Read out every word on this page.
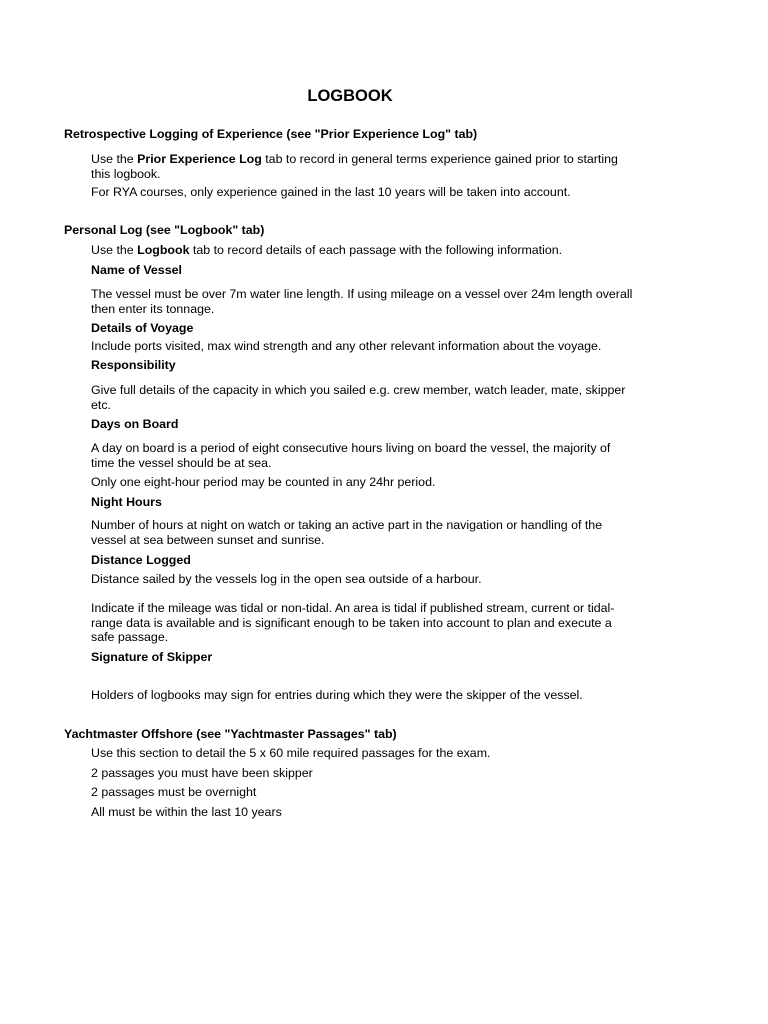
LOGBOOK
Retrospective Logging of Experience (see "Prior Experience Log" tab)
Use the Prior Experience Log tab to record in general terms experience gained prior to starting this logbook.
For RYA courses, only experience gained in the last 10 years will be taken into account.
Personal Log (see "Logbook" tab)
Use the Logbook tab to record details of each passage with the following information.
Name of Vessel
The vessel must be over 7m water line length. If using mileage on a vessel over 24m length overall then enter its tonnage.
Details of Voyage
Include ports visited, max wind strength and any other relevant information about the voyage.
Responsibility
Give full details of the capacity in which you sailed e.g. crew member, watch leader, mate, skipper etc.
Days on Board
A day on board is a period of eight consecutive hours living on board the vessel, the majority of time the vessel should be at sea.
Only one eight-hour period may be counted in any 24hr period.
Night Hours
Number of hours at night on watch or taking an active part in the navigation or handling of the vessel at sea between sunset and sunrise.
Distance Logged
Distance sailed by the vessels log in the open sea outside of a harbour.
Indicate if the mileage was tidal or non-tidal. An area is tidal if published stream, current or tidal-range data is available and is significant enough to be taken into account to plan and execute a safe passage.
Signature of Skipper
Holders of logbooks may sign for entries during which they were the skipper of the vessel.
Yachtmaster Offshore (see "Yachtmaster Passages" tab)
Use this section to detail the 5 x 60 mile required passages for the exam.
2 passages you must have been skipper
2 passages must be overnight
All must be within the last 10 years
